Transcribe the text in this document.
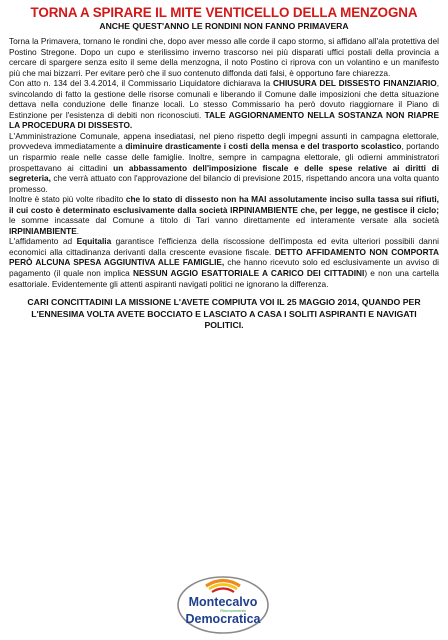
TORNA A SPIRARE IL MITE VENTICELLO DELLA MENZOGNA
ANCHE QUEST'ANNO LE RONDINI NON FANNO PRIMAVERA

Torna la Primavera, tornano le rondini che, dopo aver messo alle corde il capo stormo, si affidano all'ala protettiva del Postino Stregone. Dopo un cupo e sterilissimo inverno trascorso nei più disparati uffici postali della provincia a cercare di spargere senza esito il seme della menzogna, il noto Postino ci riprova con un volantino e un manifesto più che mai bizzarri. Per evitare però che il suo contenuto diffonda dati falsi, è opportuno fare chiarezza.

Con atto n. 134 del 3.4.2014, il Commissario Liquidatore dichiarava la CHIUSURA DEL DISSESTO FINANZIARIO, svincolando di fatto la gestione delle risorse comunali e liberando il Comune dalle imposizioni che detta situazione dettava nella conduzione delle finanze locali. Lo stesso Commissario ha però dovuto riaggiornare il Piano di Estinzione per l'esistenza di debiti non riconosciuti. TALE AGGIORNAMENTO NELLA SOSTANZA NON RIAPRE LA PROCEDURA DI DISSESTO.

L'Amministrazione Comunale, appena insediatasi, nel pieno rispetto degli impegni assunti in campagna elettorale, provvedeva immediatamente a diminuire drasticamente i costi della mensa e del trasporto scolastico, portando un risparmio reale nelle casse delle famiglie. Inoltre, sempre in campagna elettorale, gli odierni amministratori prospettavano ai cittadini un abbassamento dell'imposizione fiscale e delle spese relative ai diritti di segreteria, che verrà attuato con l'approvazione del bilancio di previsione 2015, rispettando ancora una volta quanto promesso.

Inoltre è stato più volte ribadito che lo stato di dissesto non ha MAI assolutamente inciso sulla tassa sui rifiuti, il cui costo è determinato esclusivamente dalla società IRPINIAMBIENTE che, per legge, ne gestisce il ciclo; le somme incassate dal Comune a titolo di Tari vanno direttamente ed interamente versate alla società IRPINIAMBIENTE.

L'affidamento ad Equitalia garantisce l'efficienza della riscossione dell'imposta ed evita ulteriori possibili danni economici alla cittadinanza derivanti dalla crescente evasione fiscale. DETTO AFFIDAMENTO NON COMPORTA PERÒ ALCUNA SPESA AGGIUNTIVA ALLE FAMIGLIE, che hanno ricevuto solo ed esclusivamente un avviso di pagamento (il quale non implica NESSUN AGGIO ESATTORIALE A CARICO DEI CITTADINI) e non una cartella esattoriale. Evidentemente gli attenti aspiranti navigati politici ne ignorano la differenza.

CARI CONCITTADINI LA MISSIONE L'AVETE COMPIUTA VOI IL 25 MAGGIO 2014, QUANDO PER L'ENNESIMA VOLTA AVETE BOCCIATO E LASCIATO A CASA I SOLITI ASPIRANTI E NAVIGATI POLITICI.
Montecalvo
Rinnovamento
Democratica
